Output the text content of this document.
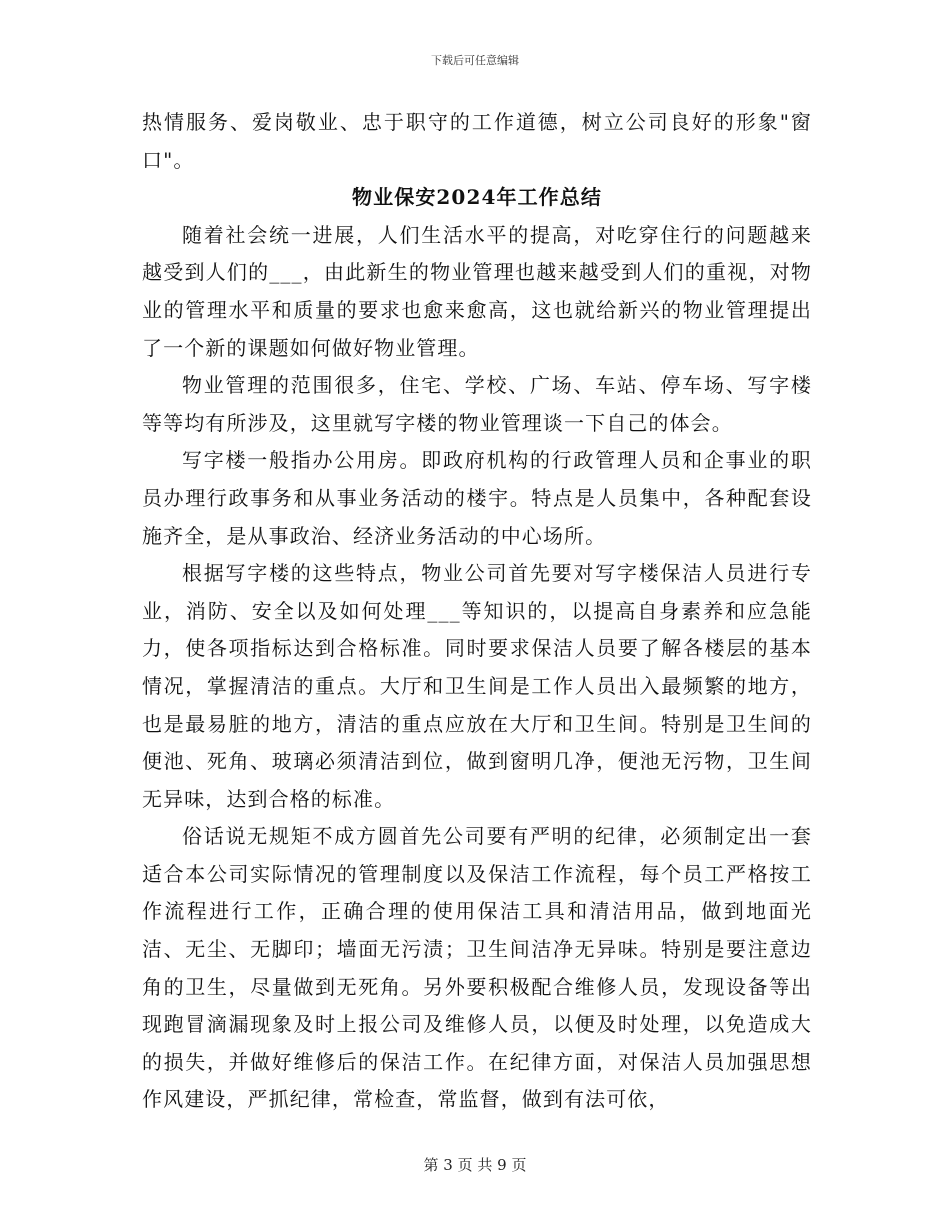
下载后可任意编辑

热情服务、爱岗敬业、忠于职守的工作道德，树立公司良好的形象"窗口"。

物业保安2024年工作总结

随着社会统一进展，人们生活水平的提高，对吃穿住行的问题越来越受到人们的___，由此新生的物业管理也越来越受到人们的重视，对物业的管理水平和质量的要求也愈来愈高，这也就给新兴的物业管理提出了一个新的课题如何做好物业管理。

物业管理的范围很多，住宅、学校、广场、车站、停车场、写字楼等等均有所涉及，这里就写字楼的物业管理谈一下自己的体会。

写字楼一般指办公用房。即政府机构的行政管理人员和企事业的职员办理行政事务和从事业务活动的楼宇。特点是人员集中，各种配套设施齐全，是从事政治、经济业务活动的中心场所。

根据写字楼的这些特点，物业公司首先要对写字楼保洁人员进行专业，消防、安全以及如何处理___等知识的，以提高自身素养和应急能力，使各项指标达到合格标准。同时要求保洁人员要了解各楼层的基本情况，掌握清洁的重点。大厅和卫生间是工作人员出入最频繁的地方，也是最易脏的地方，清洁的重点应放在大厅和卫生间。特别是卫生间的便池、死角、玻璃必须清洁到位，做到窗明几净，便池无污物，卫生间无异味，达到合格的标准。

俗话说无规矩不成方圆首先公司要有严明的纪律，必须制定出一套适合本公司实际情况的管理制度以及保洁工作流程，每个员工严格按工作流程进行工作，正确合理的使用保洁工具和清洁用品，做到地面光洁、无尘、无脚印；墙面无污渍；卫生间洁净无异味。特别是要注意边角的卫生，尽量做到无死角。另外要积极配合维修人员，发现设备等出现跑冒滴漏现象及时上报公司及维修人员，以便及时处理，以免造成大的损失，并做好维修后的保洁工作。在纪律方面，对保洁人员加强思想作风建设，严抓纪律，常检查，常监督，做到有法可依，

第 3 页 共 9 页
